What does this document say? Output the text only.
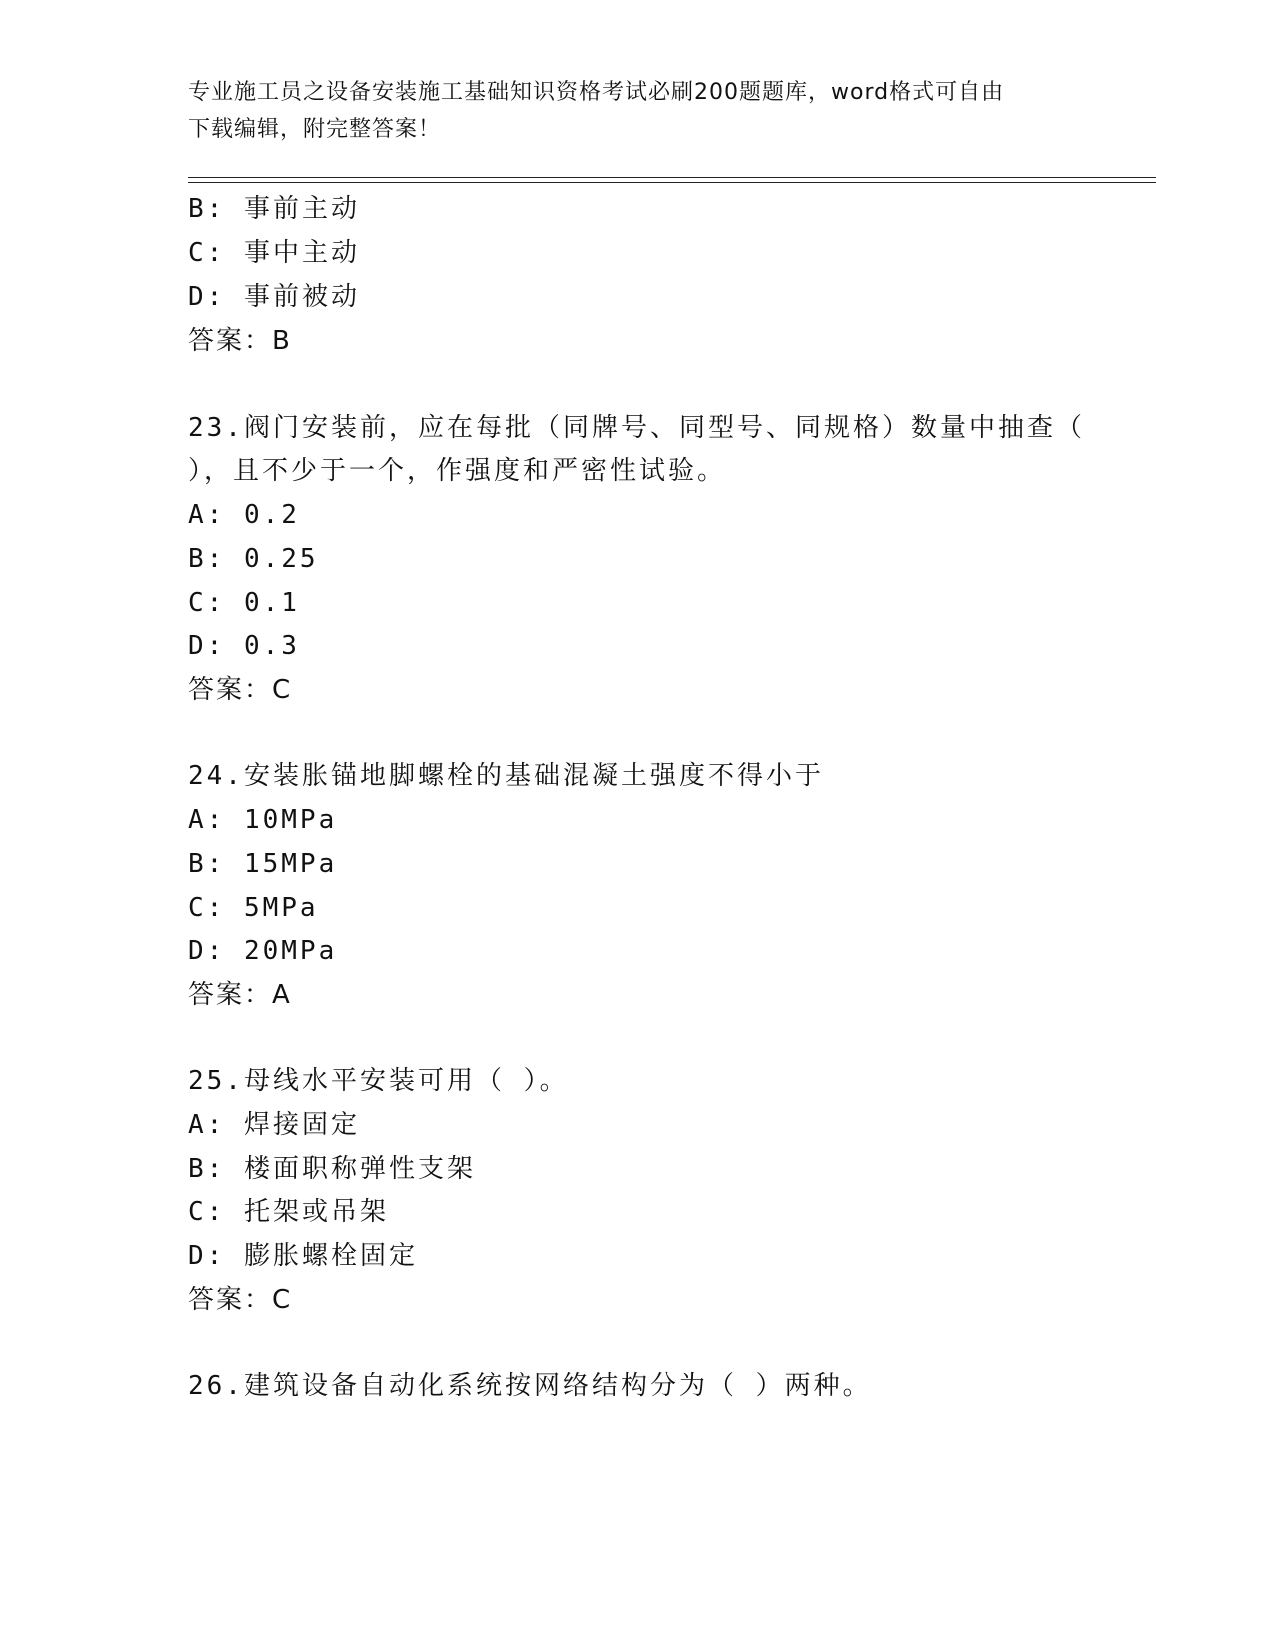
专业施工员之设备安装施工基础知识资格考试必刷200题题库，word格式可自由
下载编辑，附完整答案！
B: 事前主动
C: 事中主动
D: 事前被动
答案：B
23.阀门安装前，应在每批（同牌号、同型号、同规格）数量中抽查（
），且不少于一个，作强度和严密性试验。
A: 0.2
B: 0.25
C: 0.1
D: 0.3
答案：C
24.安装胀锚地脚螺栓的基础混凝土强度不得小于
A: 10MPa
B: 15MPa
C: 5MPa
D: 20MPa
答案：A
25.母线水平安装可用（ ）。
A: 焊接固定
B: 楼面职称弹性支架
C: 托架或吊架
D: 膨胀螺栓固定
答案：C
26.建筑设备自动化系统按网络结构分为（ ）两种。
